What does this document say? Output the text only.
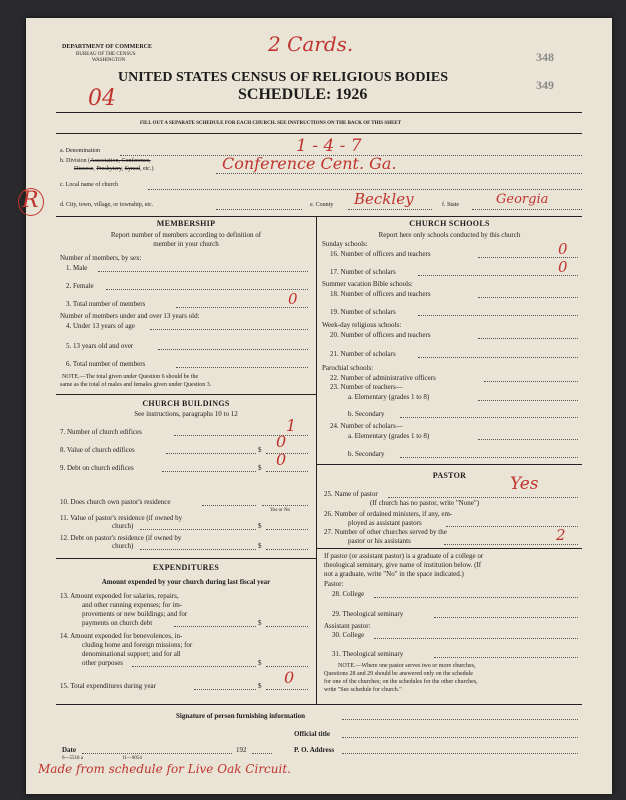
DEPARTMENT OF COMMERCE
BUREAU OF THE CENSUS
WASHINGTON
2 Cards.
348
349
UNITED STATES CENSUS OF RELIGIOUS BODIES
SCHEDULE: 1926
04
FILL OUT A SEPARATE SCHEDULE FOR EACH CHURCH. SEE INSTRUCTIONS ON THE BACK OF THIS SHEET
a. Denomination	1 - 4 - 7
b. Division (Association, Conference,
Diocese, Presbytery, Synod, etc.)	Conference Cent. Ga.
c. Local name of church
R	d. City, town, village, or township, etc.	e. County Beckley	f. State	Georgia
MEMBERSHIP
Report number of members according to definition of
member in your church
Number of members, by sex:
1. Male
2. Female
3. Total number of members	0
Number of members under and over 13 years old:
4. Under 13 years of age
5. 13 years old and over
6. Total number of members
NOTE.—The total given under Question 6 should be the
same as the total of males and females given under Question 3.
CHURCH BUILDINGS
See instructions, paragraphs 10 to 12
7. Number of church edifices	1
8. Value of church edifices	$ 0
9. Debt on church edifices	$ 0
10. Does church own pastor's residence
Yes or No
11. Value of pastor's residence (if owned by
church)	$
12. Debt on pastor's residence (if owned by
church)	$
EXPENDITURES
Amount expended by your church during last fiscal year
13. Amount expended for salaries, repairs,
and other running expenses; for im-
provements or new buildings; and for
payments on church debt	$
14. Amount expended for benevolences, in-
cluding home and foreign missions; for
denominational support; and for all
other purposes	$
15. Total expenditures during year	$ 0
CHURCH SCHOOLS
Report here only schools conducted by this church
Sunday schools:
16. Number of officers and teachers	0
17. Number of scholars	0
Summer vacation Bible schools:
18. Number of officers and teachers
19. Number of scholars
Week-day religious schools:
20. Number of officers and teachers
21. Number of scholars
Parochial schools:
22. Number of administrative officers
23. Number of teachers—
a. Elementary (grades 1 to 8)
b. Secondary
24. Number of scholars—
a. Elementary (grades 1 to 8)
b. Secondary
PASTOR
25. Name of pastor	Yes
(If church has no pastor, write "None")
26. Number of ordained ministers, if any, em-
ployed as assistant pastors
27. Number of other churches served by the
pastor or his assistants	2
If pastor (or assistant pastor) is a graduate of a college or
theological seminary, give name of institution below. (If
not a graduate, write "No" in the space indicated.)
Pastor:
28. College
29. Theological seminary
Assistant pastor:
30. College
31. Theological seminary
NOTE.—Where one pastor serves two or more churches,
Questions 28 and 29 should be answered only on the schedule
for one of the churches; on the schedules for the other churches,
write "See schedule for church."
Signature of person furnishing information
Official title
Date	192	P. O. Address
6—5518 a	11—9054
Made from schedule for Live Oak Circuit.
